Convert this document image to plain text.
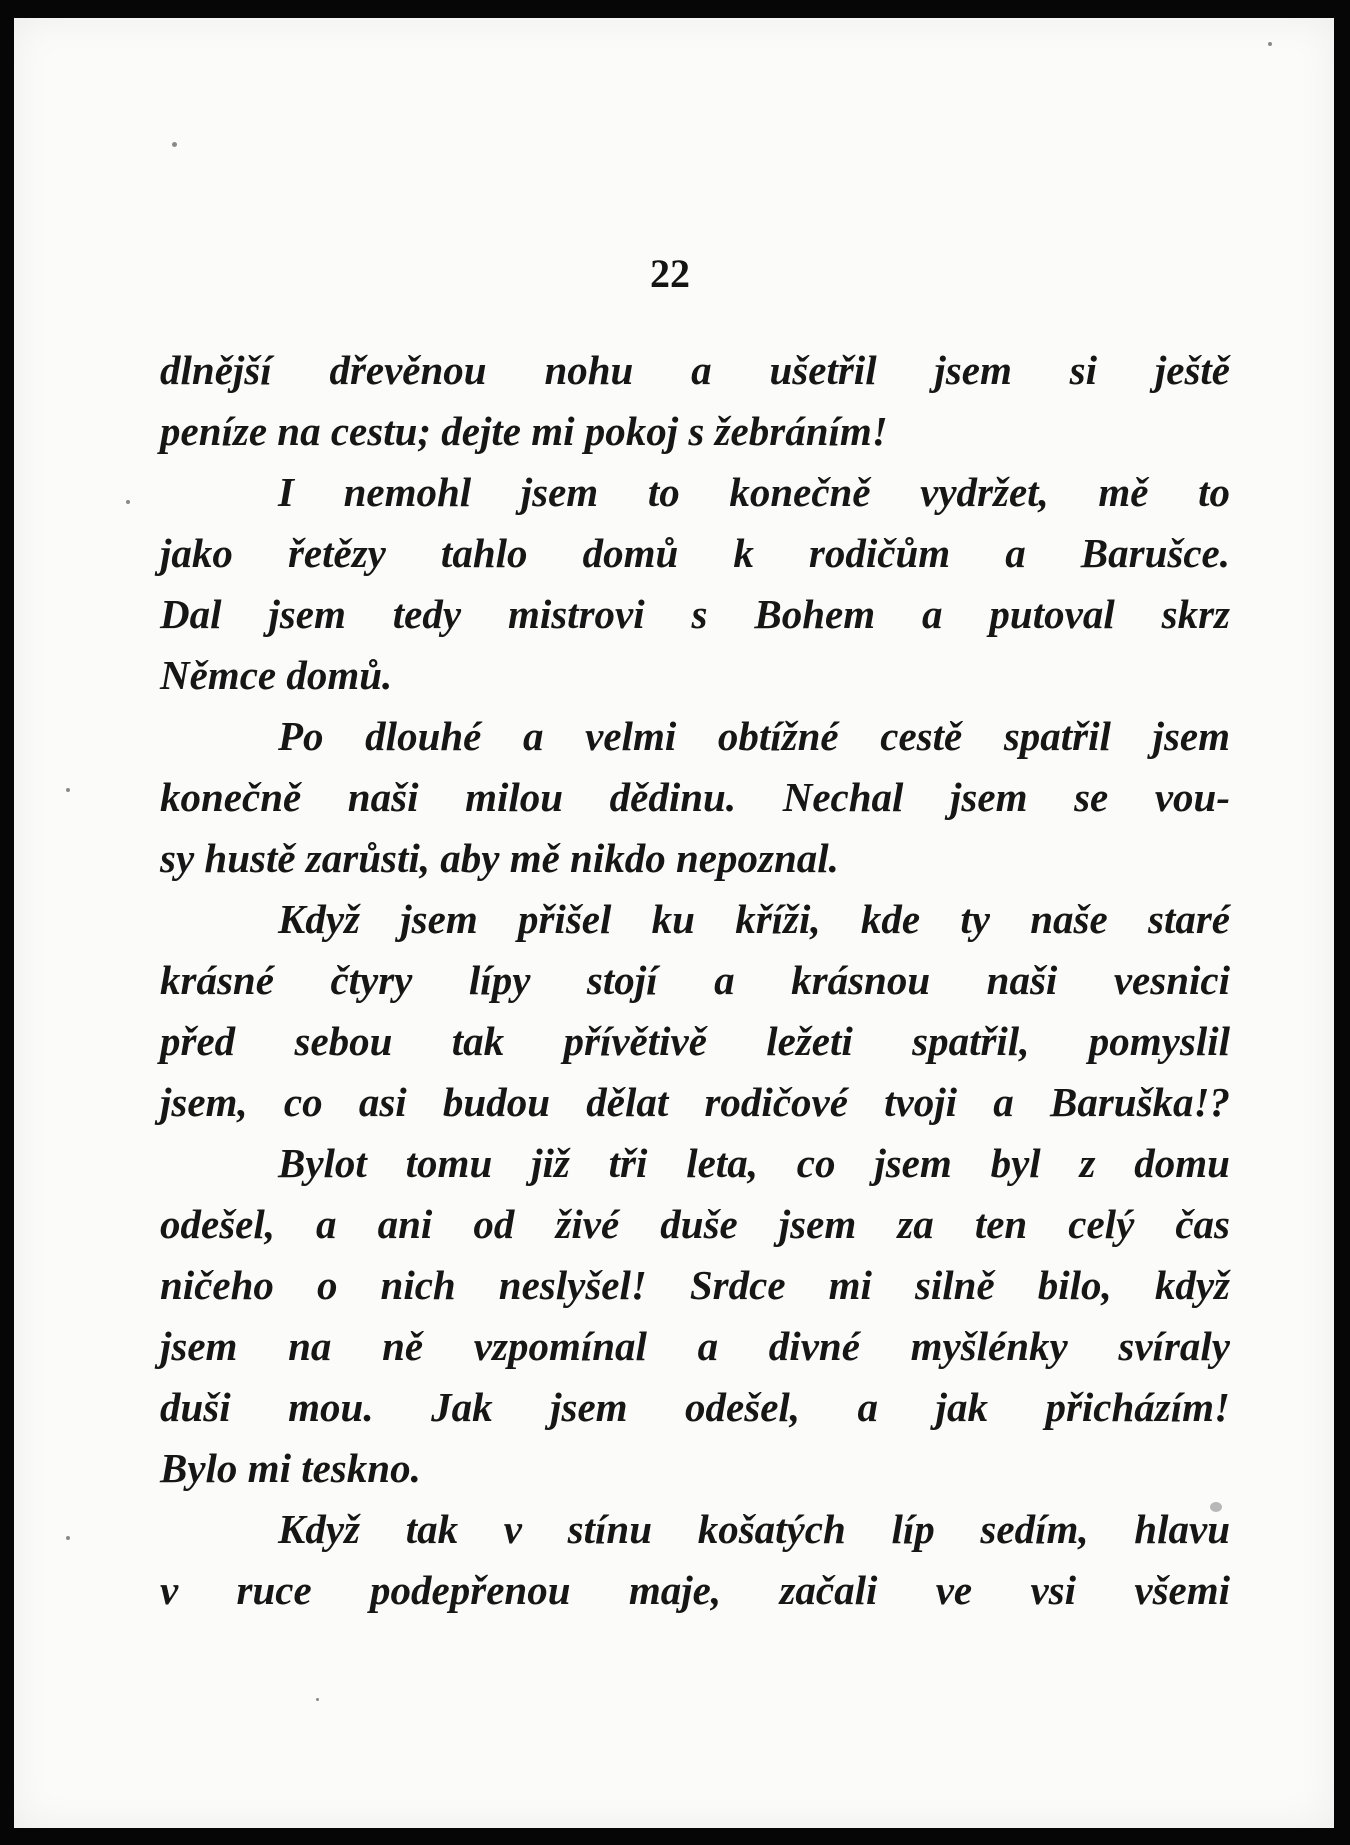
22
dlnější dřevěnou nohu a ušetřil jsem si ještě
peníze na cestu; dejte mi pokoj s žebráním!
I nemohl jsem to konečně vydržet, mě to
jako řetězy tahlo domů k rodičům a Barušce.
Dal jsem tedy mistrovi s Bohem a putoval skrz
Němce domů.
Po dlouhé a velmi obtížné cestě spatřil jsem
konečně naši milou dědinu. Nechal jsem se vou-
sy hustě zarůsti, aby mě nikdo nepoznal.
Když jsem přišel ku kříži, kde ty naše staré
krásné čtyry lípy stojí a krásnou naši vesnici
před sebou tak přívětivě ležeti spatřil, pomyslil
jsem, co asi budou dělat rodičové tvoji a Baruška!?
Bylot tomu již tři leta, co jsem byl z domu
odešel, a ani od živé duše jsem za ten celý čas
ničeho o nich neslyšel! Srdce mi silně bilo, když
jsem na ně vzpomínal a divné myšlénky svíraly
duši mou. Jak jsem odešel, a jak přicházím!
Bylo mi teskno.
Když tak v stínu košatých líp sedím, hlavu
v ruce podepřenou maje, začali ve vsi všemi
